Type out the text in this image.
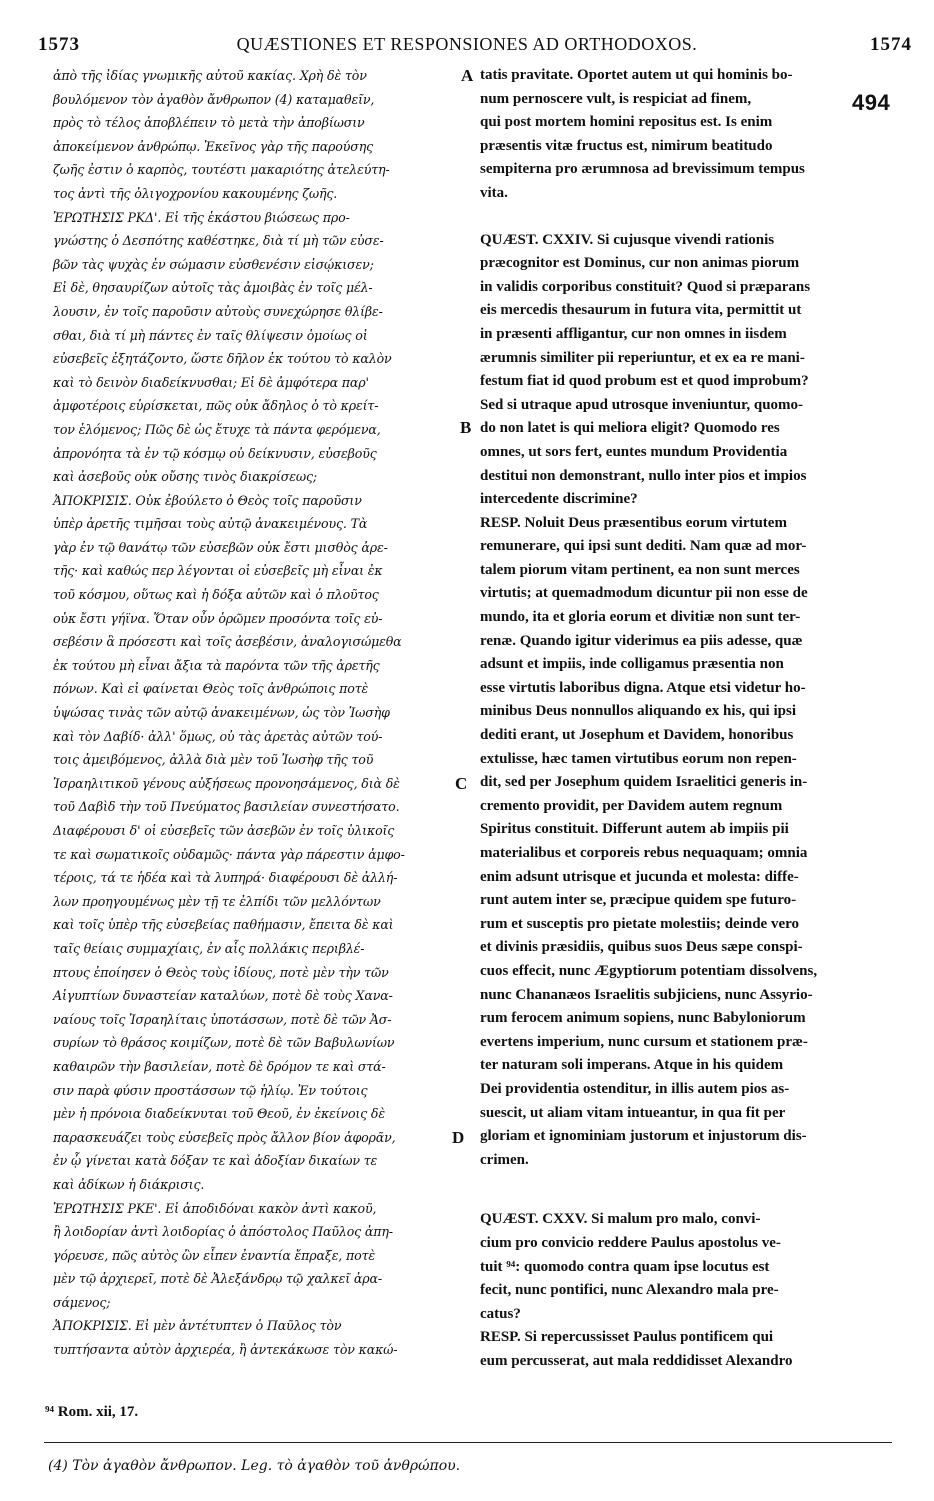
1573	QUÆSTIONES ET RESPONSIONES AD ORTHODOXOS.	1574
ἀπὸ τῆς ἰδίας γνωμικῆς αὐτοῦ κακίας. Χρὴ δὲ τὸν
βουλόμενον τὸν ἀγαθὸν ἄνθρωπον (4) καταμαθεῖν,
πρὸς τὸ τέλος ἀποβλέπειν τὸ μετὰ τὴν ἀποβίωσιν
ἀποκείμενον ἀνθρώπῳ. Ἐκεῖνος γὰρ τῆς παρούσης
ζωῆς ἐστιν ὁ καρπὸς, τουτέστι μακαριότης ἀτελεύτη-
τος ἀντὶ τῆς ὀλιγοχρονίου κακουμένης ζωῆς.
ἘΡΩΤΗΣΙΣ ΡΚΔ'. Εἰ τῆς ἑκάστου βιώσεως προ-
γνώστης ὁ Δεσπότης καθέστηκε, διὰ τί μὴ τῶν εὐσε-
βῶν τὰς ψυχὰς ἐν σώμασιν εὐσθενέσιν εἰσῴκισεν;
Εἰ δὲ, θησαυρίζων αὐτοῖς τὰς ἀμοιβὰς ἐν τοῖς μέλ-
λουσιν, ἐν τοῖς παροῦσιν αὐτοὺς συνεχώρησε θλίβε-
σθαι, διὰ τί μὴ πάντες ἐν ταῖς θλίψεσιν ὁμοίως οἱ
εὐσεβεῖς ἐξητάζοντο, ὥστε δῆλον ἐκ τούτου τὸ καλὸν
καὶ τὸ δεινὸν διαδείκνυσθαι; Εἰ δὲ ἀμφότερα παρ'
ἀμφοτέροις εὑρίσκεται, πῶς οὐκ ἄδηλος ὁ τὸ κρείτ-
τον ἑλόμενος; Πῶς δὲ ὡς ἔτυχε τὰ πάντα φερόμενα,
ἀπρονόητα τὰ ἐν τῷ κόσμῳ οὐ δείκνυσιν, εὐσεβοῦς
καὶ ἀσεβοῦς οὐκ οὔσης τινὸς διακρίσεως;
ἈΠΟΚΡΙΣΙΣ. Οὐκ ἐβούλετο ὁ Θεὸς τοῖς παροῦσιν
ὑπὲρ ἀρετῆς τιμῆσαι τοὺς αὐτῷ ἀνακειμένους. Τὰ
γὰρ ἐν τῷ θανάτῳ τῶν εὐσεβῶν οὐκ ἔστι μισθὸς ἀρε-
τῆς· καὶ καθώς περ λέγονται οἱ εὐσεβεῖς μὴ εἶναι ἐκ
τοῦ κόσμου, οὕτως καὶ ἡ δόξα αὐτῶν καὶ ὁ πλοῦτος
οὐκ ἔστι γήϊνα. Ὅταν οὖν ὁρῶμεν προσόντα τοῖς εὐ-
σεβέσιν ἃ πρόσεστι καὶ τοῖς ἀσεβέσιν, ἀναλογισώμεθα
ἐκ τούτου μὴ εἶναι ἄξια τὰ παρόντα τῶν τῆς ἀρετῆς
πόνων. Καὶ εἰ φαίνεται Θεὸς τοῖς ἀνθρώποις ποτὲ
ὑψώσας τινὰς τῶν αὐτῷ ἀνακειμένων, ὡς τὸν Ἰωσὴφ
καὶ τὸν Δαβίδ· ἀλλ' ὅμως, οὐ τὰς ἀρετὰς αὐτῶν τού-
τοις ἀμειβόμενος, ἀλλὰ διὰ μὲν τοῦ Ἰωσὴφ τῆς τοῦ
Ἰσραηλιτικοῦ γένους αὐξήσεως προνοησάμενος, διὰ δὲ
τοῦ Δαβὶδ τὴν τοῦ Πνεύματος βασιλείαν συνεστήσατο.
Διαφέρουσι δ' οἱ εὐσεβεῖς τῶν ἀσεβῶν ἐν τοῖς ὑλικοῖς
τε καὶ σωματικοῖς οὐδαμῶς· πάντα γὰρ πάρεστιν ἀμφο-
τέροις, τά τε ἡδέα καὶ τὰ λυπηρά· διαφέρουσι δὲ ἀλλή-
λων προηγουμένως μὲν τῇ τε ἐλπίδι τῶν μελλόντων
καὶ τοῖς ὑπὲρ τῆς εὐσεβείας παθήμασιν, ἔπειτα δὲ καὶ
ταῖς θείαις συμμαχίαις, ἐν αἷς πολλάκις περιβλέ-
πτους ἐποίησεν ὁ Θεὸς τοὺς ἰδίους, ποτὲ μὲν τὴν τῶν
Αἰγυπτίων δυναστείαν καταλύων, ποτὲ δὲ τοὺς Χανα-
ναίους τοῖς Ἰσραηλίταις ὑποτάσσων, ποτὲ δὲ τῶν Ἀσ-
συρίων τὸ θράσος κοιμίζων, ποτὲ δὲ τῶν Βαβυλωνίων
καθαιρῶν τὴν βασιλείαν, ποτὲ δὲ δρόμον τε καὶ στά-
σιν παρὰ φύσιν προστάσσων τῷ ἡλίῳ. Ἐν τούτοις
μὲν ἡ πρόνοια διαδείκνυται τοῦ Θεοῦ, ἐν ἐκείνοις δὲ
παρασκευάζει τοὺς εὐσεβεῖς πρὸς ἄλλον βίον ἀφορᾶν,
ἐν ᾧ γίνεται κατὰ δόξαν τε καὶ ἀδοξίαν δικαίων τε
καὶ ἀδίκων ἡ διάκρισις.
ἘΡΩΤΗΣΙΣ ΡΚΕ'. Εἰ ἀποδιδόναι κακὸν ἀντὶ κακοῦ,
ἢ λοιδορίαν ἀντὶ λοιδορίας ὁ ἀπόστολος Παῦλος ἀπη-
γόρευσε, πῶς αὐτὸς ὢν εἶπεν ἐναντία ἔπραξε, ποτὲ
μὲν τῷ ἀρχιερεῖ, ποτὲ δὲ Ἀλεξάνδρῳ τῷ χαλκεῖ ἀρα-
σάμενος;
ἈΠΟΚΡΙΣΙΣ. Εἰ μὲν ἀντέτυπτεν ὁ Παῦλος τὸν
τυπτήσαντα αὐτὸν ἀρχιερέα, ἢ ἀντεκάκωσε τὸν κακώ-
tatis pravitate. Oportet autem ut qui hominis bo-
num pernoscere vult, is respiciat ad finem,
qui post mortem homini repositus est. Is enim
præsentis vitæ fructus est, nimirum beatitudo
sempiterna pro ærumnosa ad brevissimum tempus
vita.
QUÆST. CXXIV. Si cujusque vivendi rationis
præcognitor est Dominus, cur non animas piorum
in validis corporibus constituit? Quod si præparans
eis mercedis thesaurum in futura vita, permittit ut
in præsenti affligantur, cur non omnes in iisdem
ærumnis similiter pii reperiuntur, et ex ea re mani-
festum fiat id quod probum est et quod improbum?
Sed si utraque apud utrosque inveniuntur, quomo-
do non latet is qui meliora eligit? Quomodo res
omnes, ut sors fert, euntes mundum Providentia
destitui non demonstrant, nullo inter pios et impios
intercedente discrimine?
RESP. Noluit Deus præsentibus eorum virtutem
remunerare, qui ipsi sunt dediti. Nam quæ ad mor-
talem piorum vitam pertinent, ea non sunt merces
virtutis; at quemadmodum dicuntur pii non esse de
mundo, ita et gloria eorum et divitiæ non sunt ter-
renæ. Quando igitur viderimus ea piis adesse, quæ
adsunt et impiis, inde colligamus præsentia non
esse virtutis laboribus digna. Atque etsi videtur ho-
minibus Deus nonnullos aliquando ex his, qui ipsi
dediti erant, ut Josephum et Davidem, honoribus
extulisse, hæc tamen virtutibus eorum non repen-
dit, sed per Josephum quidem Israelitici generis in-
cremento providit, per Davidem autem regnum
Spiritus constituit. Differunt autem ab impiis pii
materialibus et corporeis rebus nequaquam; omnia
enim adsunt utrisque et jucunda et molesta: diffe-
runt autem inter se, præcipue quidem spe futuro-
rum et susceptis pro pietate molestiis; deinde vero
et divinis præsidiis, quibus suos Deus sæpe conspi-
cuos effecit, nunc Ægyptiorum potentiam dissolvens,
nunc Chananæos Israelitis subjiciens, nunc Assyrio-
rum ferocem animum sopiens, nunc Babyloniorum
evertens imperium, nunc cursum et stationem præ-
ter naturam soli imperans. Atque in his quidem
Dei providentia ostenditur, in illis autem pios as-
suescit, ut aliam vitam intueantur, in qua fit per
gloriam et ignominiam justorum et injustorum dis-
crimen.
QUÆST. CXXV. Si malum pro malo, convi-
cium pro convicio reddere Paulus apostolus ve-
tuit ⁹⁴: quomodo contra quam ipse locutus est
fecit, nunc pontifici, nunc Alexandro mala pre-
catus?
RESP. Si repercussisset Paulus pontificem qui
eum percusserat, aut mala reddidisset Alexandro
A
B
C
D
494
⁹⁴ Rom. xii, 17.
(4) Τὸν ἀγαθὸν ἄνθρωπον. Leg. τὸ ἀγαθὸν τοῦ ἀνθρώπου.
